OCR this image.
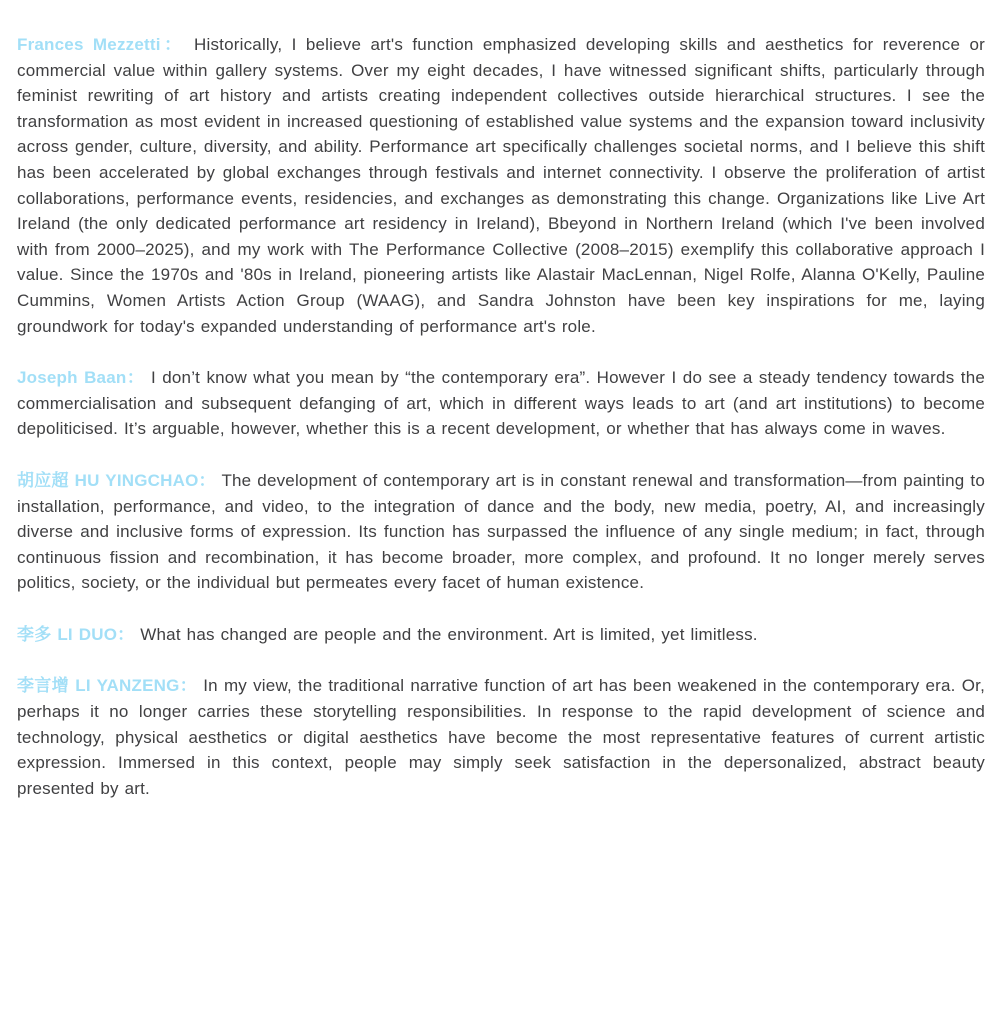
Frances Mezzetti： Historically, I believe art's function emphasized developing skills and aesthetics for reverence or commercial value within gallery systems. Over my eight decades, I have witnessed significant shifts, particularly through feminist rewriting of art history and artists creating independent collectives outside hierarchical structures. I see the transformation as most evident in increased questioning of established value systems and the expansion toward inclusivity across gender, culture, diversity, and ability. Performance art specifically challenges societal norms, and I believe this shift has been accelerated by global exchanges through festivals and internet connectivity. I observe the proliferation of artist collaborations, performance events, residencies, and exchanges as demonstrating this change. Organizations like Live Art Ireland (the only dedicated performance art residency in Ireland), Bbeyond in Northern Ireland (which I've been involved with from 2000–2025), and my work with The Performance Collective (2008–2015) exemplify this collaborative approach I value. Since the 1970s and '80s in Ireland, pioneering artists like Alastair MacLennan, Nigel Rolfe, Alanna O'Kelly, Pauline Cummins, Women Artists Action Group (WAAG), and Sandra Johnston have been key inspirations for me, laying groundwork for today's expanded understanding of performance art's role.

Joseph Baan： I don’t know what you mean by “the contemporary era”. However I do see a steady tendency towards the commercialisation and subsequent defanging of art, which in different ways leads to art (and art institutions) to become depoliticised. It’s arguable, however, whether this is a recent development, or whether that has always come in waves.

胡应超 HU YINGCHAO： The development of contemporary art is in constant renewal and transformation—from painting to installation, performance, and video, to the integration of dance and the body, new media, poetry, AI, and increasingly diverse and inclusive forms of expression. Its function has surpassed the influence of any single medium; in fact, through continuous fission and recombination, it has become broader, more complex, and profound. It no longer merely serves politics, society, or the individual but permeates every facet of human existence.

李多 LI DUO： What has changed are people and the environment. Art is limited, yet limitless.

李言增 LI YANZENG： In my view, the traditional narrative function of art has been weakened in the contemporary era. Or, perhaps it no longer carries these storytelling responsibilities. In response to the rapid development of science and technology, physical aesthetics or digital aesthetics have become the most representative features of current artistic expression. Immersed in this context, people may simply seek satisfaction in the depersonalized, abstract beauty presented by art.
